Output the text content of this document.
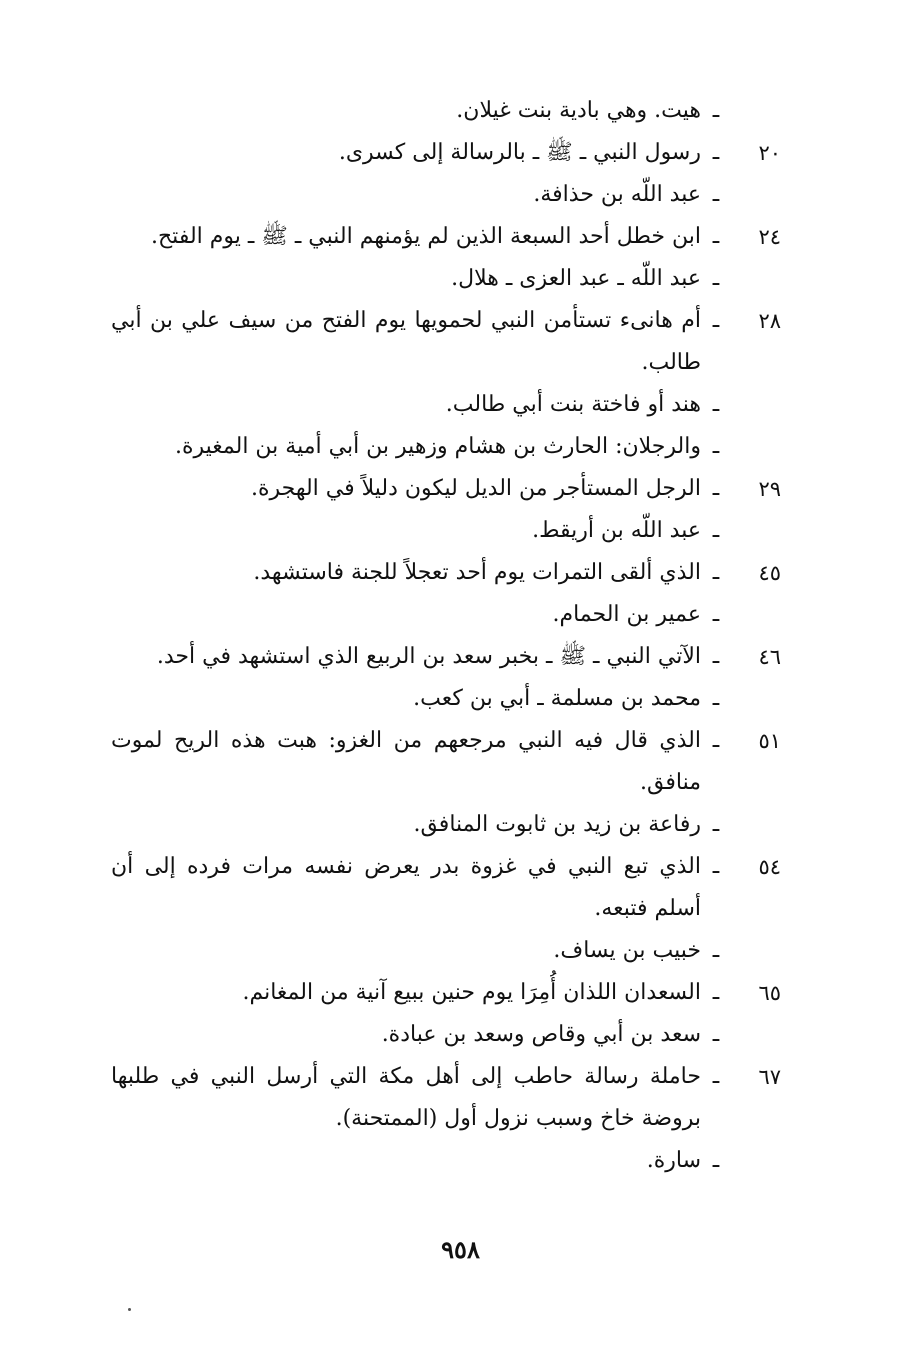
ـ
هيت. وهي بادية بنت غيلان.
٢٠
ـ
رسول النبي ـ ﷺ ـ بالرسالة إلى كسرى.
ـ
عبد اللّه بن حذافة.
٢٤
ـ
ابن خطل أحد السبعة الذين لم يؤمنهم النبي ـ ﷺ ـ يوم الفتح.
ـ
عبد اللّه ـ عبد العزى ـ هلال.
٢٨
ـ
أم هانىء تستأمن النبي لحمويها يوم الفتح من سيف علي بن أبي طالب.
ـ
هند أو فاختة بنت أبي طالب.
ـ
والرجلان: الحارث بن هشام وزهير بن أبي أمية بن المغيرة.
٢٩
ـ
الرجل المستأجر من الديل ليكون دليلاً في الهجرة.
ـ
عبد اللّه بن أريقط.
٤٥
ـ
الذي ألقى التمرات يوم أحد تعجلاً للجنة فاستشهد.
ـ
عمير بن الحمام.
٤٦
ـ
الآتي النبي ـ ﷺ ـ بخبر سعد بن الربيع الذي استشهد في أحد.
ـ
محمد بن مسلمة ـ أبي بن كعب.
٥١
ـ
الذي قال فيه النبي مرجعهم من الغزو: هبت هذه الريح لموت منافق.
ـ
رفاعة بن زيد بن ثابوت المنافق.
٥٤
ـ
الذي تبع النبي في غزوة بدر يعرض نفسه مرات فرده إلى أن أسلم فتبعه.
ـ
خبيب بن يساف.
٦٥
ـ
السعدان اللذان أُمِرَا يوم حنين ببيع آنية من المغانم.
ـ
سعد بن أبي وقاص وسعد بن عبادة.
٦٧
ـ
حاملة رسالة حاطب إلى أهل مكة التي أرسل النبي في طلبها بروضة خاخ وسبب نزول أول (الممتحنة).
ـ
سارة.
٩٥٨
